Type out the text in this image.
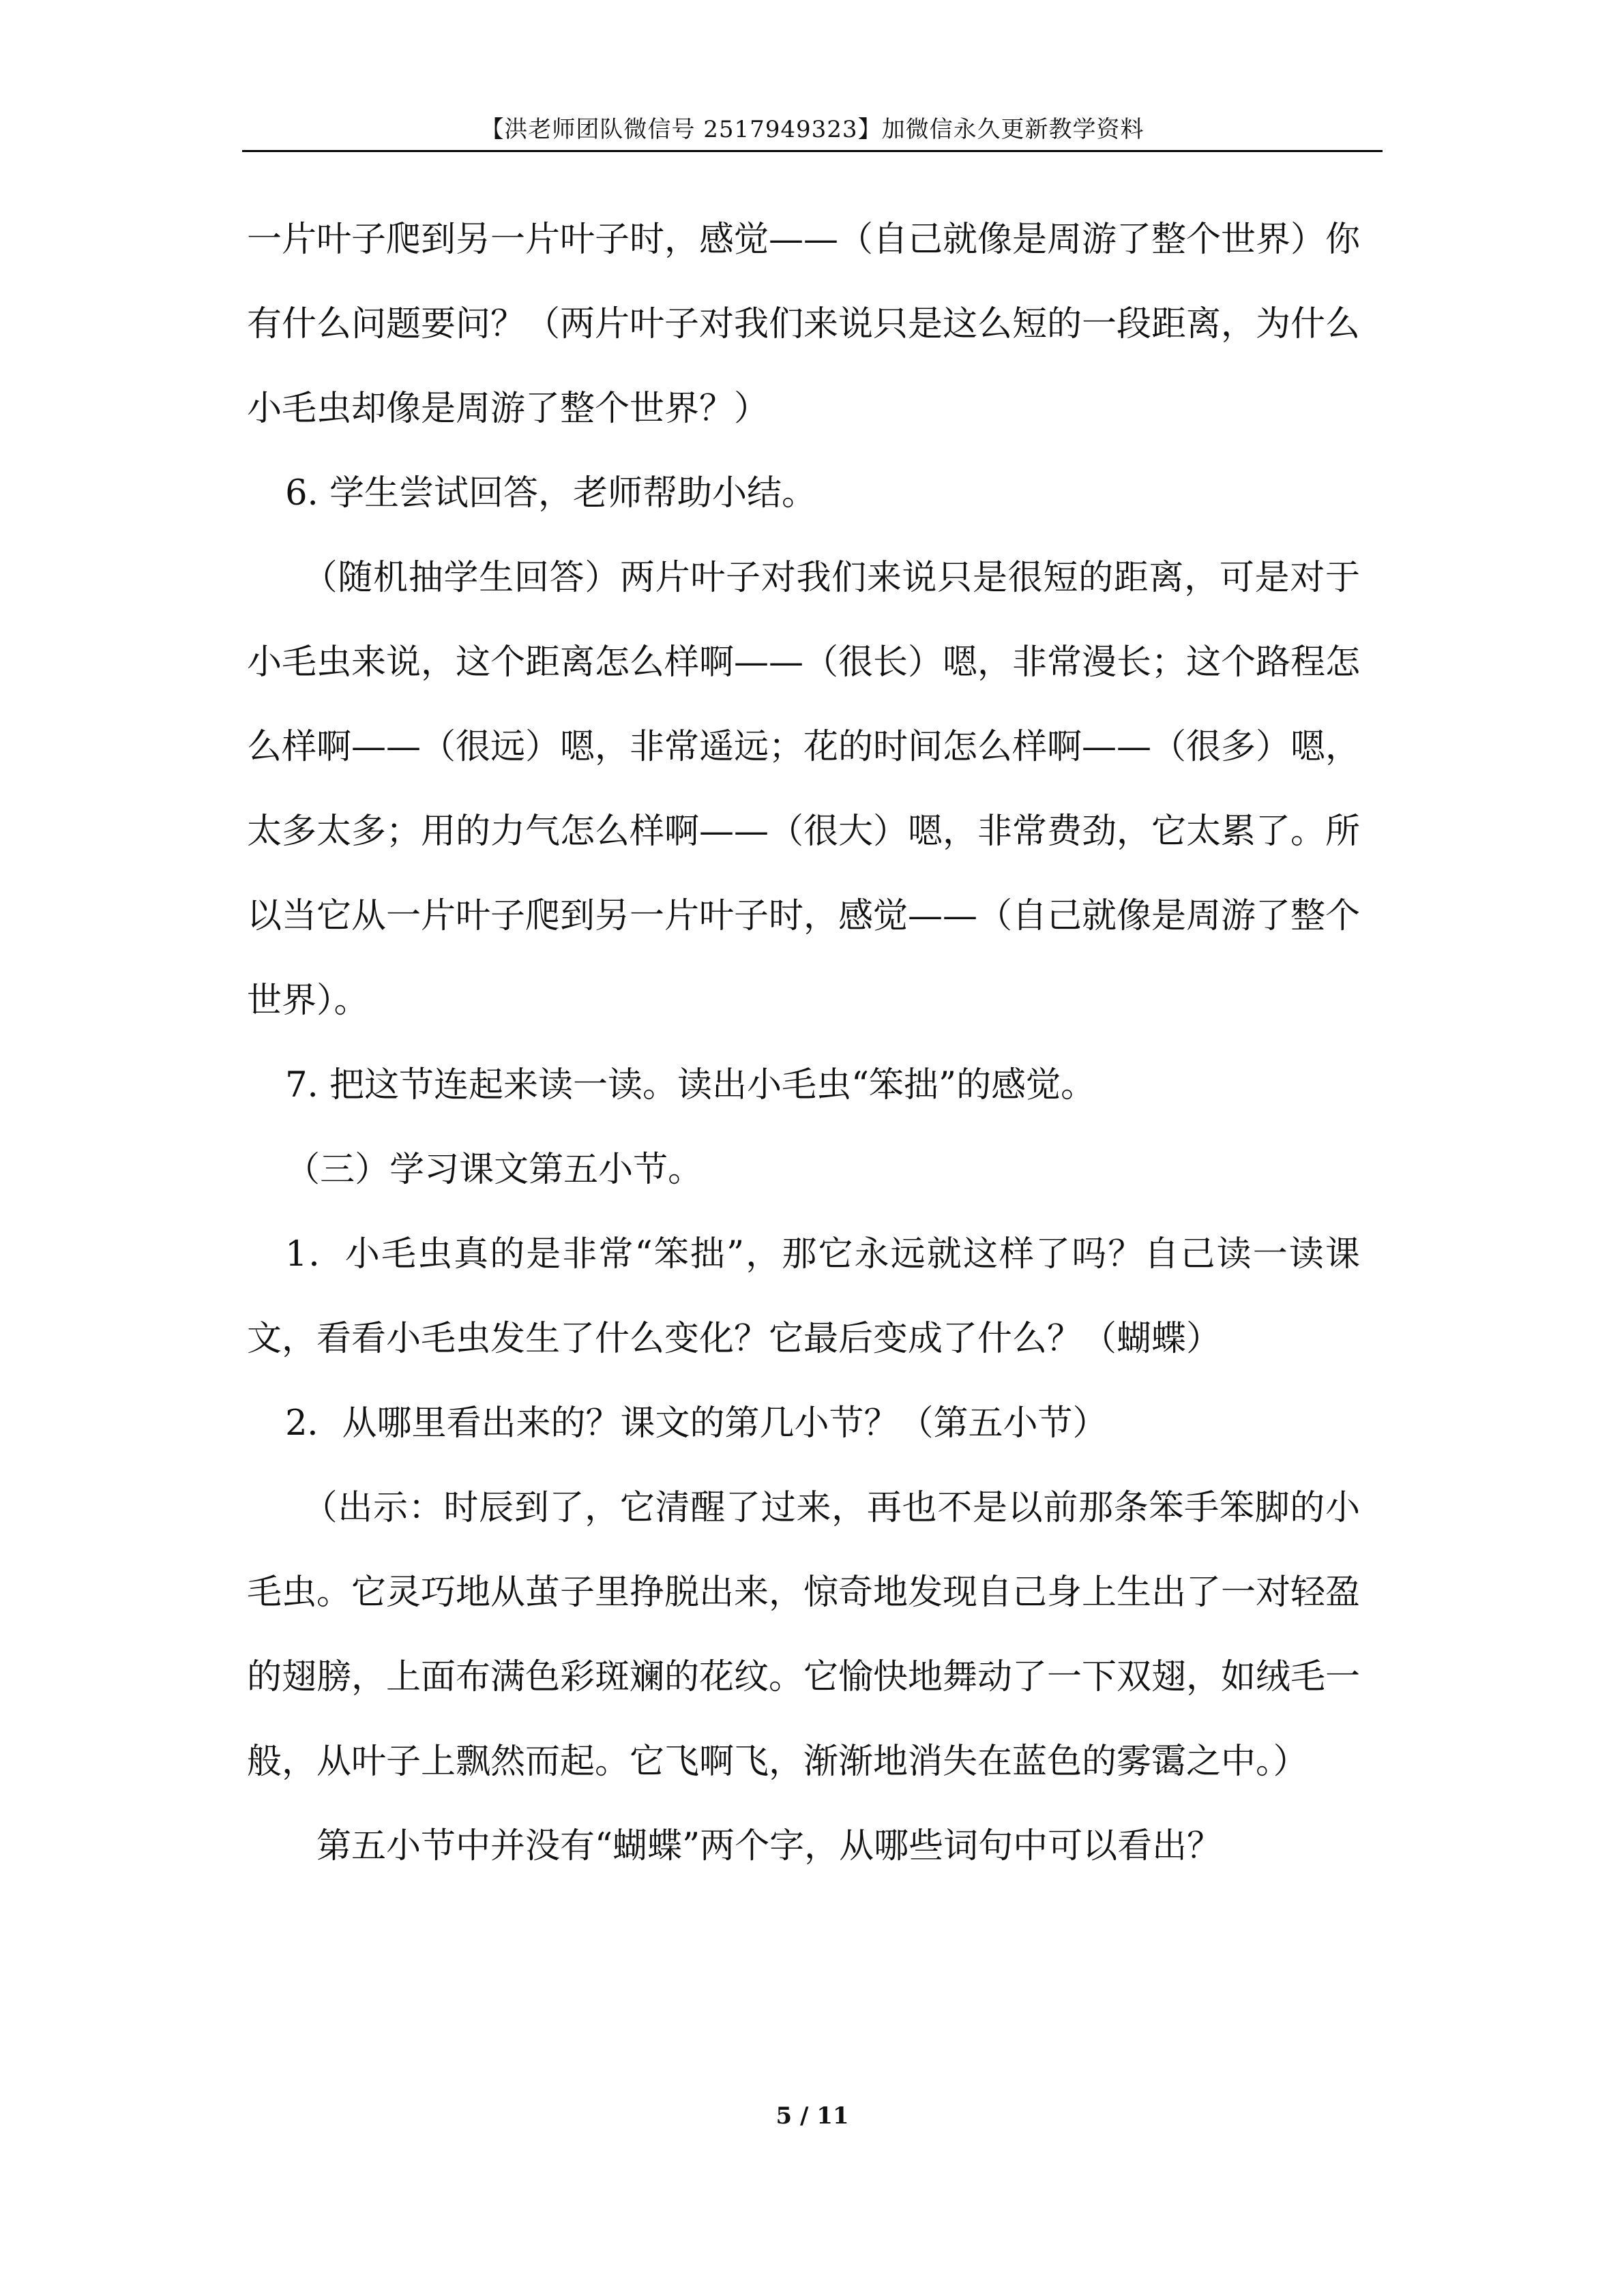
【洪老师团队微信号 2517949323】加微信永久更新教学资料

一片叶子爬到另一片叶子时，感觉——（自己就像是周游了整个世界）你有什么问题要问？（两片叶子对我们来说只是这么短的一段距离，为什么小毛虫却像是周游了整个世界？）

6. 学生尝试回答，老师帮助小结。

（随机抽学生回答）两片叶子对我们来说只是很短的距离，可是对于小毛虫来说，这个距离怎么样啊——（很长）嗯，非常漫长；这个路程怎么样啊——（很远）嗯，非常遥远；花的时间怎么样啊——（很多）嗯，太多太多；用的力气怎么样啊——（很大）嗯，非常费劲，它太累了。所以当它从一片叶子爬到另一片叶子时，感觉——（自己就像是周游了整个世界）。

7. 把这节连起来读一读。读出小毛虫“笨拙”的感觉。

（三）学习课文第五小节。

1．小毛虫真的是非常“笨拙”，那它永远就这样了吗？自己读一读课文，看看小毛虫发生了什么变化？它最后变成了什么？（蝴蝶）

2．从哪里看出来的？课文的第几小节？（第五小节）

（出示：时辰到了，它清醒了过来，再也不是以前那条笨手笨脚的小毛虫。它灵巧地从茧子里挣脱出来，惊奇地发现自己身上生出了一对轻盈的翅膀，上面布满色彩斑斓的花纹。它愉快地舞动了一下双翅，如绒毛一般，从叶子上飘然而起。它飞啊飞，渐渐地消失在蓝色的雾霭之中。）

第五小节中并没有“蝴蝶”两个字，从哪些词句中可以看出？

5 / 11
